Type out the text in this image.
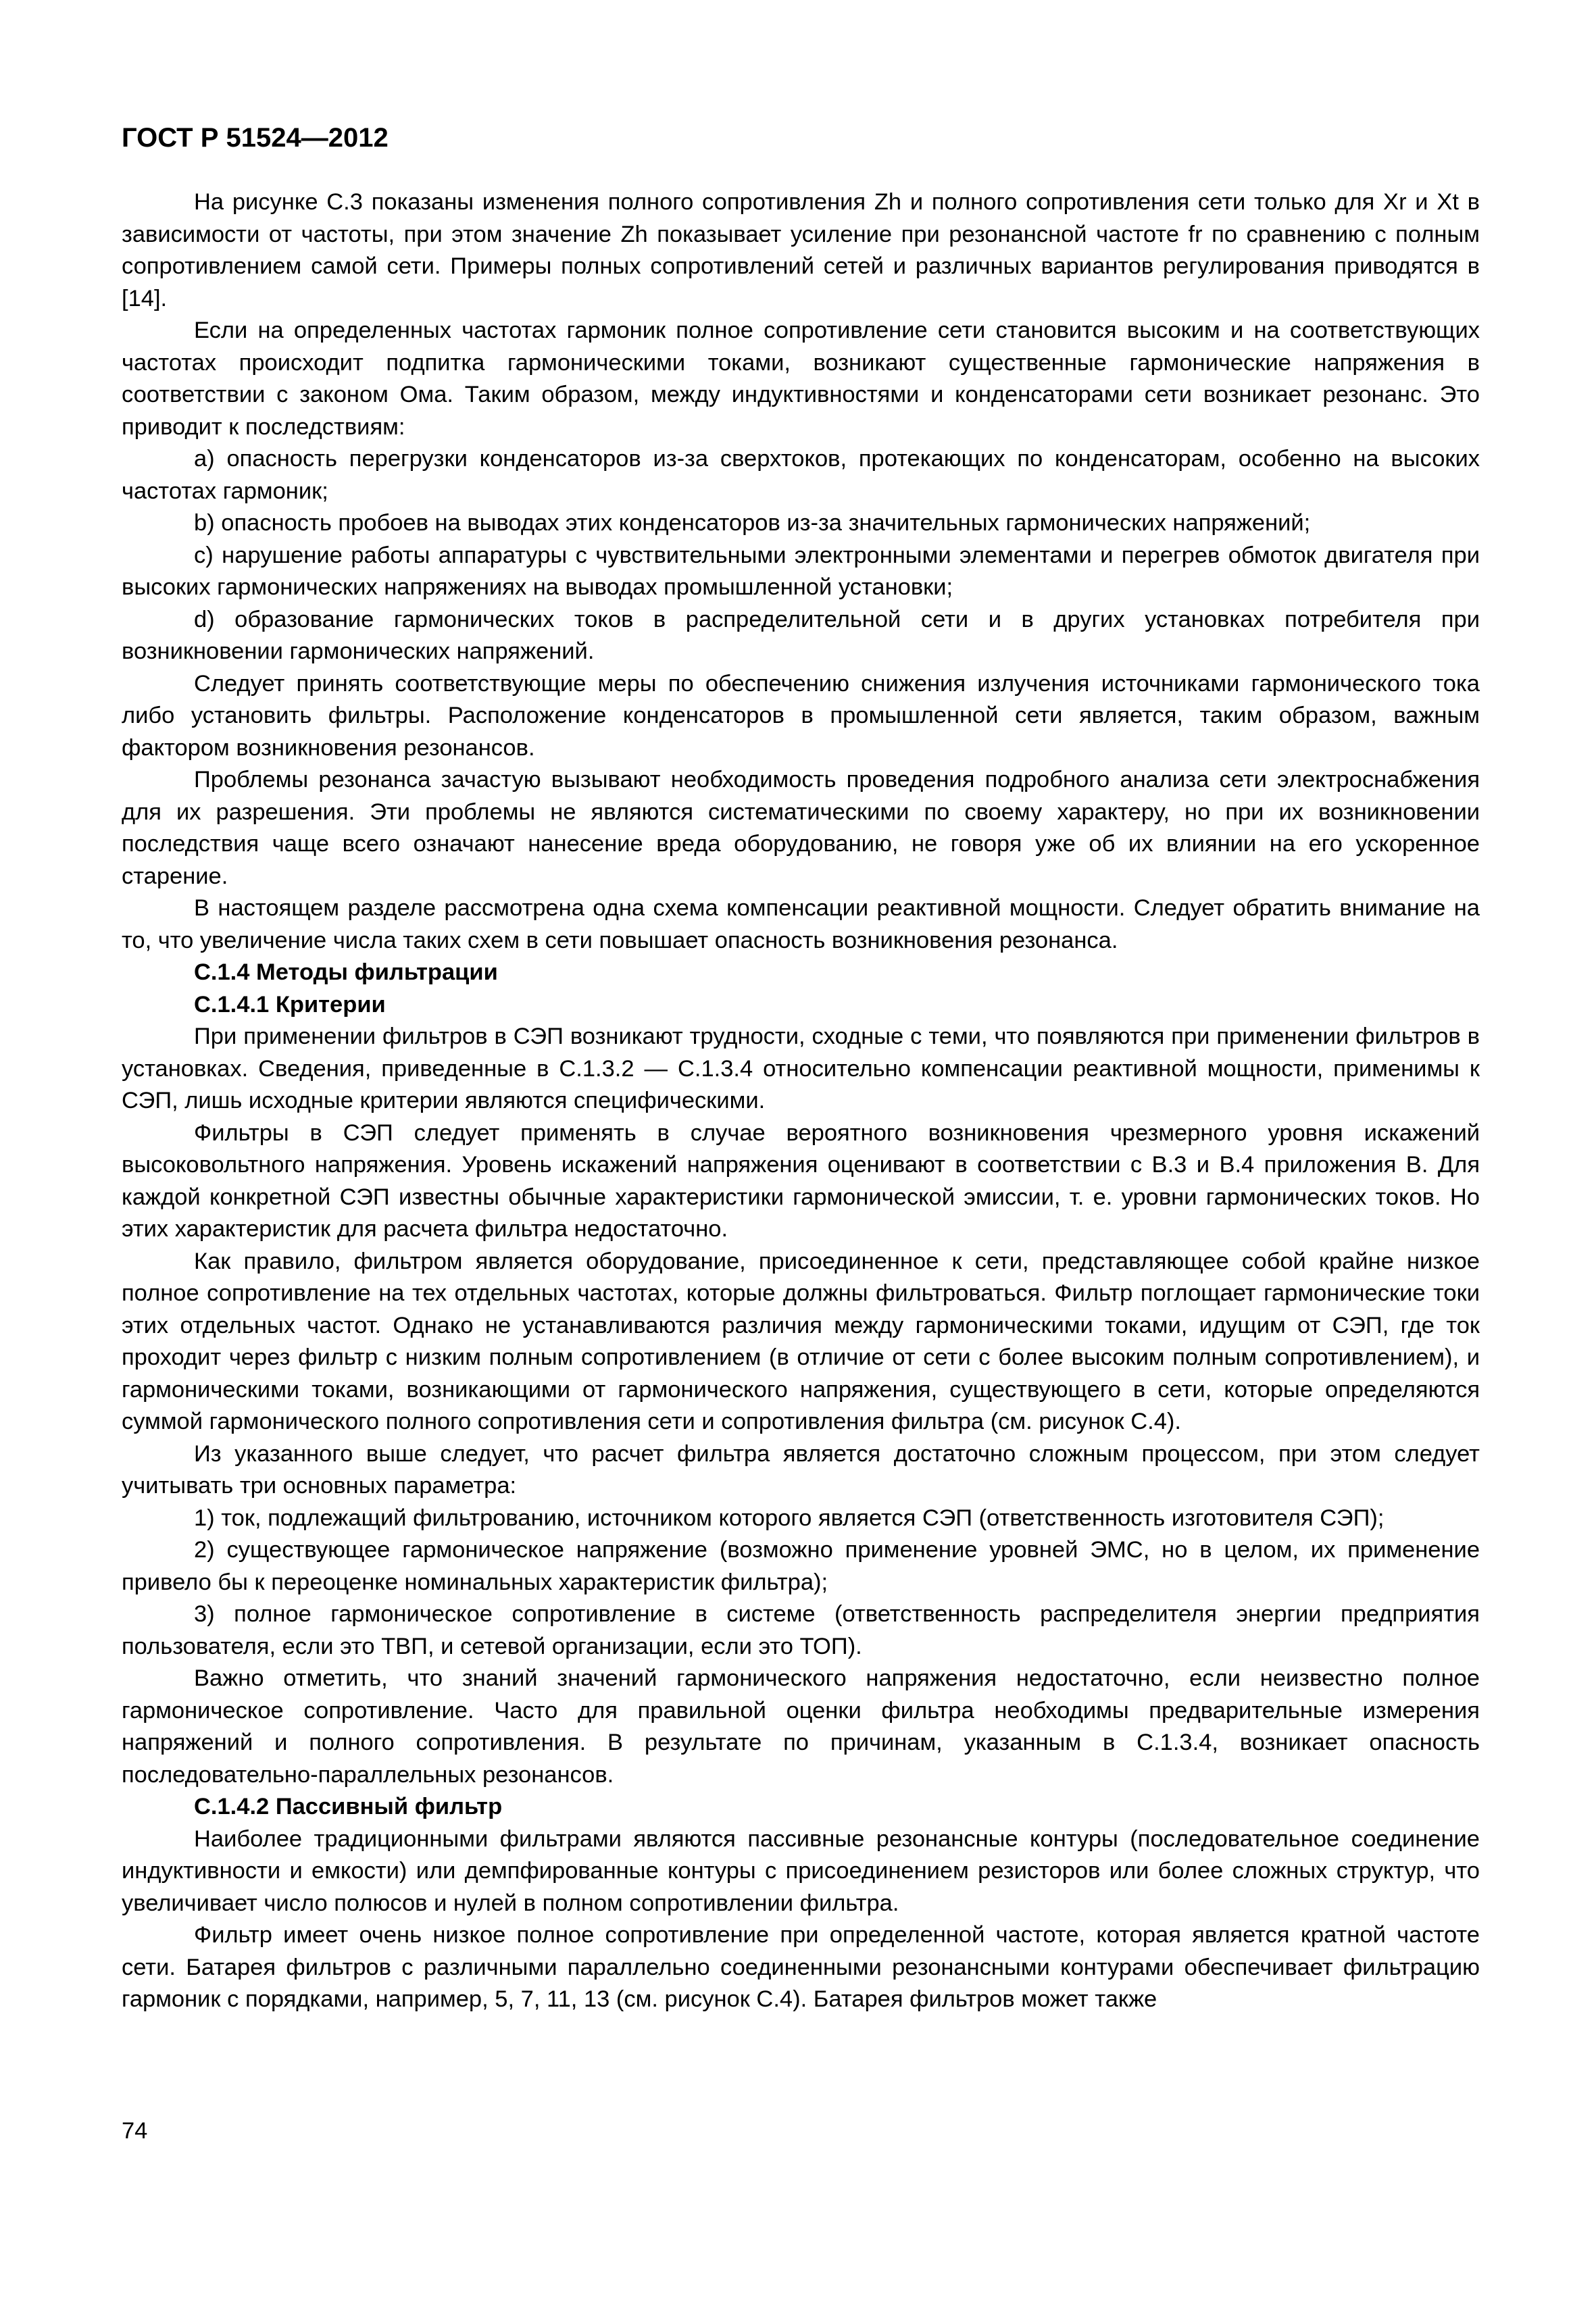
ГОСТ Р 51524—2012

На рисунке С.3 показаны изменения полного сопротивления Zh и полного сопротивления сети только для Xr и Xt в зависимости от частоты, при этом значение Zh показывает усиление при резонансной частоте fr по сравнению с полным сопротивлением самой сети. Примеры полных сопротивлений сетей и различных вариантов регулирования приводятся в [14].

Если на определенных частотах гармоник полное сопротивление сети становится высоким и на соответствующих частотах происходит подпитка гармоническими токами, возникают существенные гармонические напряжения в соответствии с законом Ома. Таким образом, между индуктивностями и конденсаторами сети возникает резонанс. Это приводит к последствиям:

a) опасность перегрузки конденсаторов из-за сверхтоков, протекающих по конденсаторам, особенно на высоких частотах гармоник;

b) опасность пробоев на выводах этих конденсаторов из-за значительных гармонических напряжений;

c) нарушение работы аппаратуры с чувствительными электронными элементами и перегрев обмоток двигателя при высоких гармонических напряжениях на выводах промышленной установки;

d) образование гармонических токов в распределительной сети и в других установках потребителя при возникновении гармонических напряжений.

Следует принять соответствующие меры по обеспечению снижения излучения источниками гармонического тока либо установить фильтры. Расположение конденсаторов в промышленной сети является, таким образом, важным фактором возникновения резонансов.

Проблемы резонанса зачастую вызывают необходимость проведения подробного анализа сети электроснабжения для их разрешения. Эти проблемы не являются систематическими по своему характеру, но при их возникновении последствия чаще всего означают нанесение вреда оборудованию, не говоря уже об их влиянии на его ускоренное старение.

В настоящем разделе рассмотрена одна схема компенсации реактивной мощности. Следует обратить внимание на то, что увеличение числа таких схем в сети повышает опасность возникновения резонанса.

С.1.4 Методы фильтрации

С.1.4.1 Критерии

При применении фильтров в СЭП возникают трудности, сходные с теми, что появляются при применении фильтров в установках. Сведения, приведенные в С.1.3.2 — С.1.3.4 относительно компенсации реактивной мощности, применимы к СЭП, лишь исходные критерии являются специфическими.

Фильтры в СЭП следует применять в случае вероятного возникновения чрезмерного уровня искажений высоковольтного напряжения. Уровень искажений напряжения оценивают в соответствии с В.3 и В.4 приложения В. Для каждой конкретной СЭП известны обычные характеристики гармонической эмиссии, т. е. уровни гармонических токов. Но этих характеристик для расчета фильтра недостаточно.

Как правило, фильтром является оборудование, присоединенное к сети, представляющее собой крайне низкое полное сопротивление на тех отдельных частотах, которые должны фильтроваться. Фильтр поглощает гармонические токи этих отдельных частот. Однако не устанавливаются различия между гармоническими токами, идущим от СЭП, где ток проходит через фильтр с низким полным сопротивлением (в отличие от сети с более высоким полным сопротивлением), и гармоническими токами, возникающими от гармонического напряжения, существующего в сети, которые определяются суммой гармонического полного сопротивления сети и сопротивления фильтра (см. рисунок С.4).

Из указанного выше следует, что расчет фильтра является достаточно сложным процессом, при этом следует учитывать три основных параметра:

1) ток, подлежащий фильтрованию, источником которого является СЭП (ответственность изготовителя СЭП);

2) существующее гармоническое напряжение (возможно применение уровней ЭМС, но в целом, их применение привело бы к переоценке номинальных характеристик фильтра);

3) полное гармоническое сопротивление в системе (ответственность распределителя энергии предприятия пользователя, если это ТВП, и сетевой организации, если это ТОП).

Важно отметить, что знаний значений гармонического напряжения недостаточно, если неизвестно полное гармоническое сопротивление. Часто для правильной оценки фильтра необходимы предварительные измерения напряжений и полного сопротивления. В результате по причинам, указанным в С.1.3.4, возникает опасность последовательно-параллельных резонансов.

С.1.4.2 Пассивный фильтр

Наиболее традиционными фильтрами являются пассивные резонансные контуры (последовательное соединение индуктивности и емкости) или демпфированные контуры с присоединением резисторов или более сложных структур, что увеличивает число полюсов и нулей в полном сопротивлении фильтра.

Фильтр имеет очень низкое полное сопротивление при определенной частоте, которая является кратной частоте сети. Батарея фильтров с различными параллельно соединенными резонансными контурами обеспечивает фильтрацию гармоник с порядками, например, 5, 7, 11, 13 (см. рисунок С.4). Батарея фильтров может также

74
